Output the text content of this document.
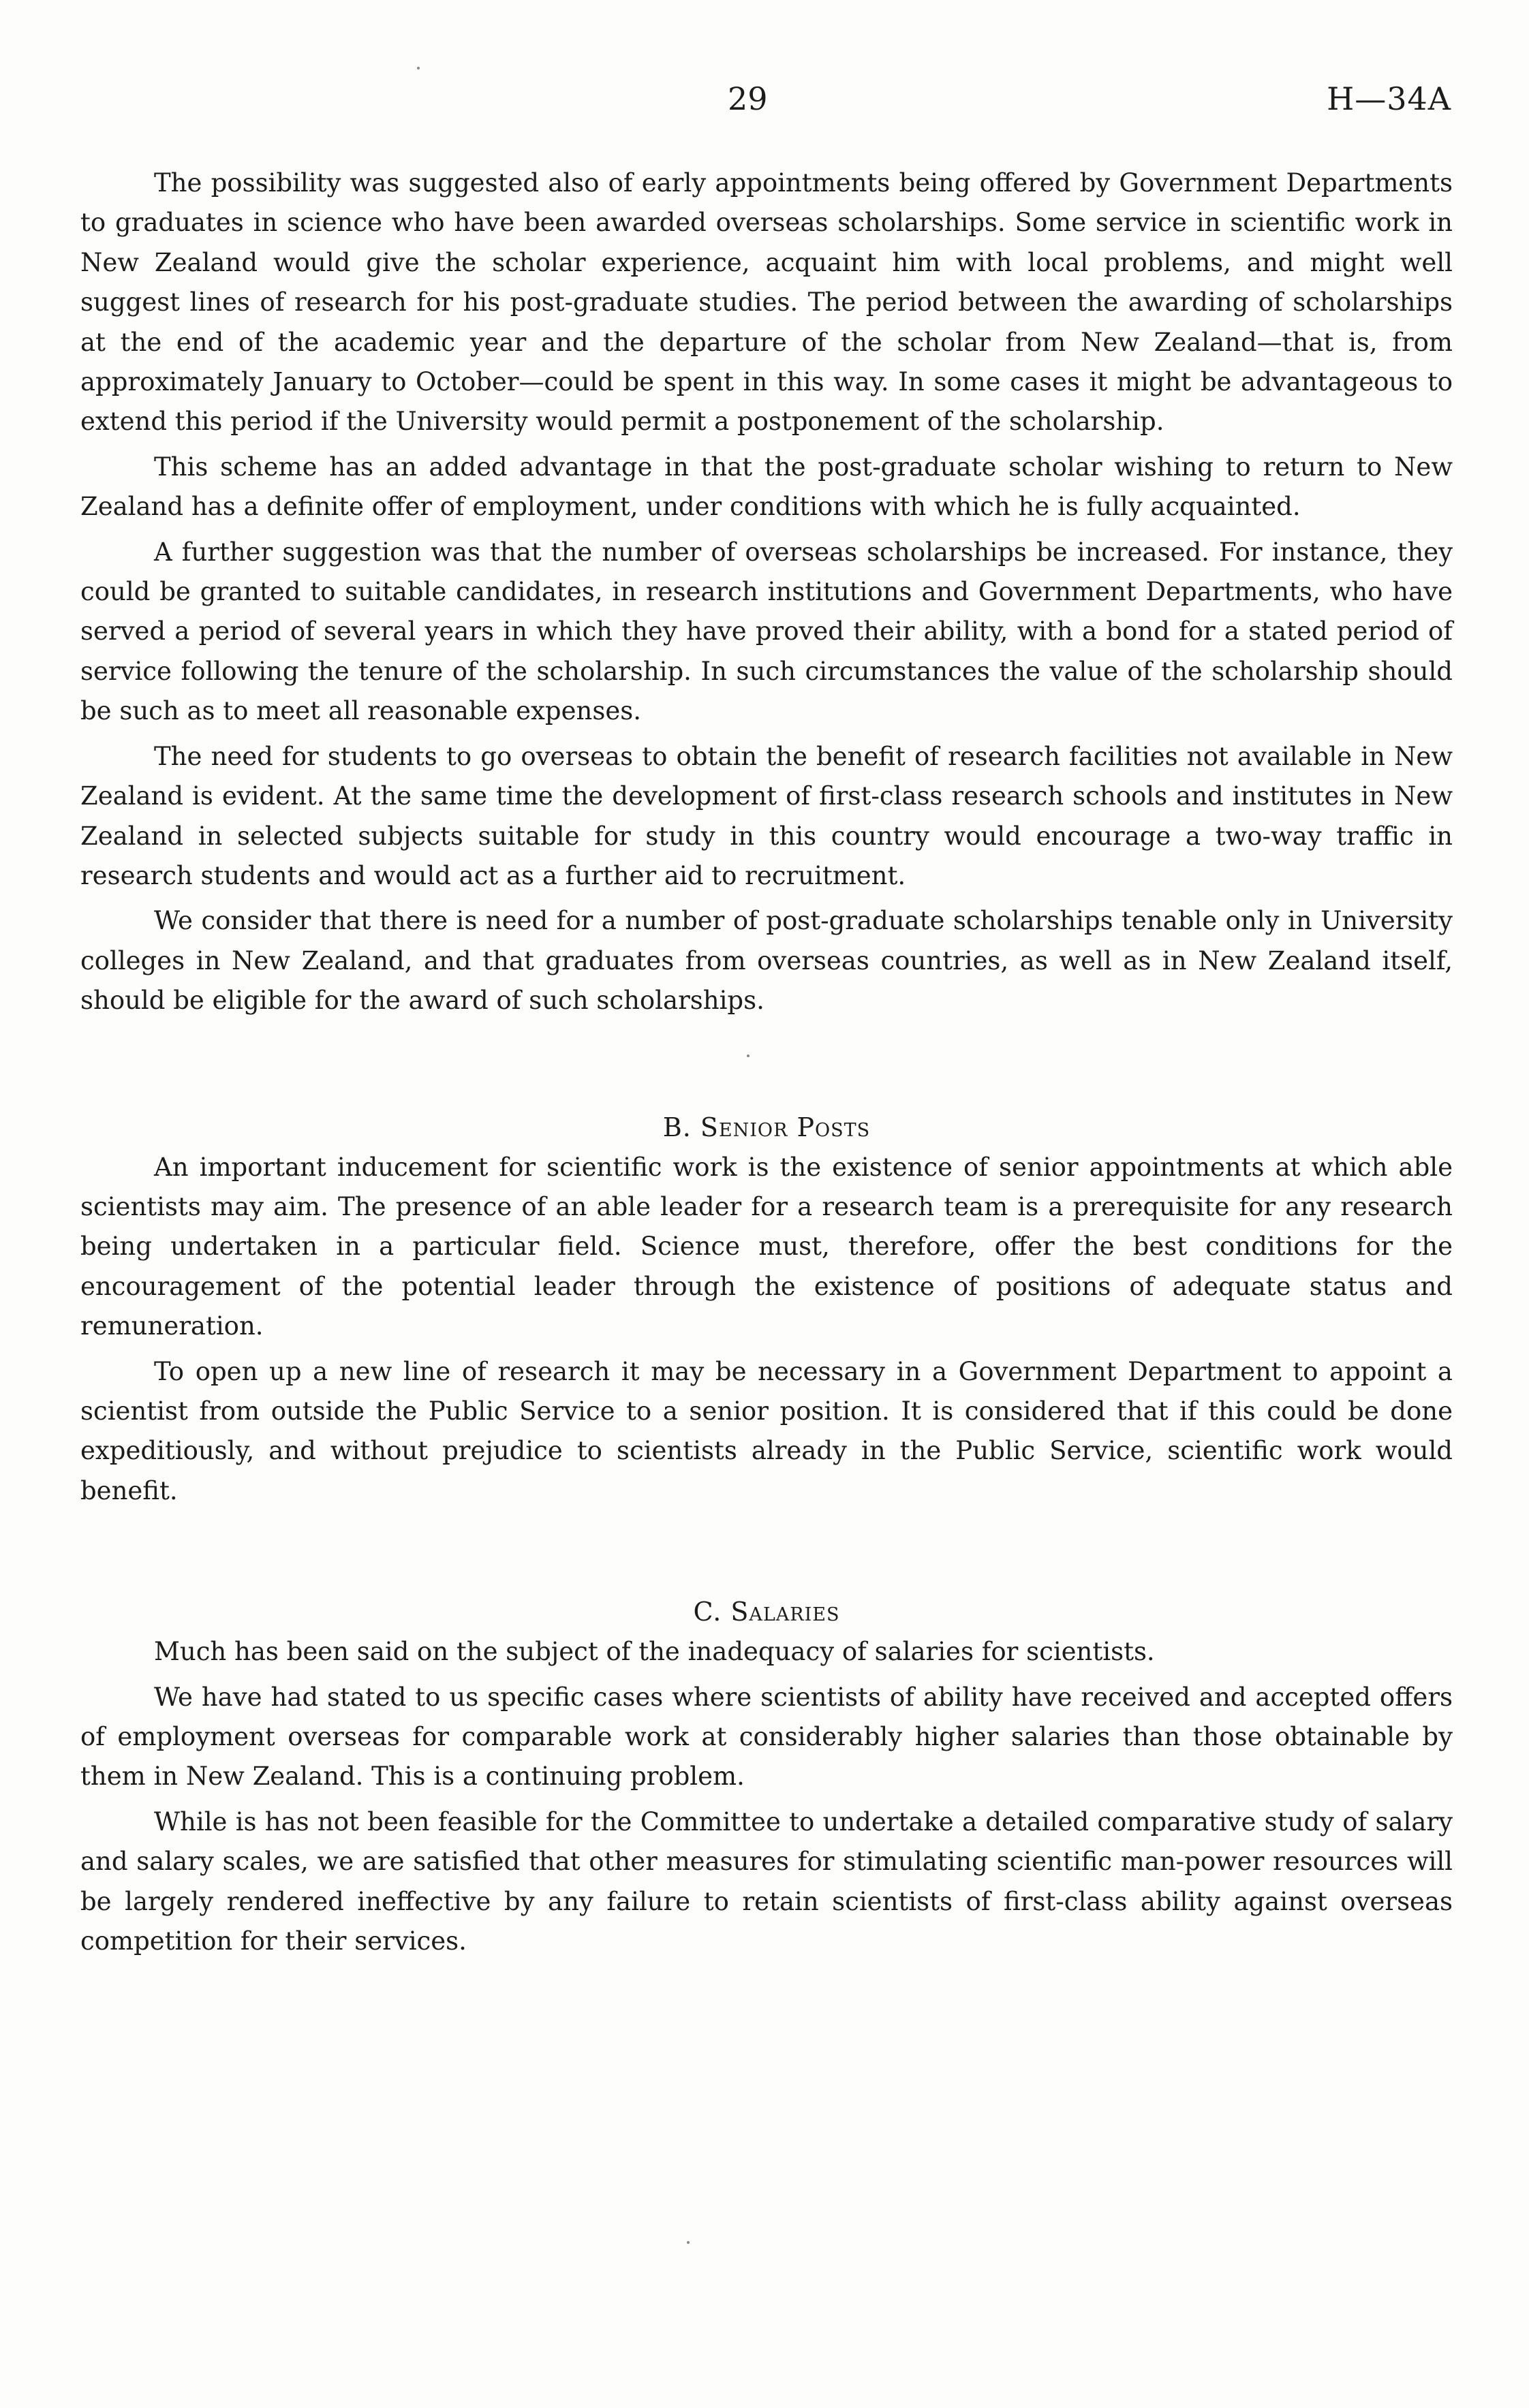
29	H—34A

The possibility was suggested also of early appointments being offered by Government Departments to graduates in science who have been awarded overseas scholarships. Some service in scientific work in New Zealand would give the scholar experience, acquaint him with local problems, and might well suggest lines of research for his post-graduate studies. The period between the awarding of scholarships at the end of the academic year and the departure of the scholar from New Zealand—that is, from approximately January to October—could be spent in this way. In some cases it might be advantageous to extend this period if the University would permit a postponement of the scholarship.

This scheme has an added advantage in that the post-graduate scholar wishing to return to New Zealand has a definite offer of employment, under conditions with which he is fully acquainted.

A further suggestion was that the number of overseas scholarships be increased. For instance, they could be granted to suitable candidates, in research institutions and Government Departments, who have served a period of several years in which they have proved their ability, with a bond for a stated period of service following the tenure of the scholarship. In such circumstances the value of the scholarship should be such as to meet all reasonable expenses.

The need for students to go overseas to obtain the benefit of research facilities not available in New Zealand is evident. At the same time the development of first-class research schools and institutes in New Zealand in selected subjects suitable for study in this country would encourage a two-way traffic in research students and would act as a further aid to recruitment.

We consider that there is need for a number of post-graduate scholarships tenable only in University colleges in New Zealand, and that graduates from overseas countries, as well as in New Zealand itself, should be eligible for the award of such scholarships.

B. Senior Posts

An important inducement for scientific work is the existence of senior appointments at which able scientists may aim. The presence of an able leader for a research team is a prerequisite for any research being undertaken in a particular field. Science must, therefore, offer the best conditions for the encouragement of the potential leader through the existence of positions of adequate status and remuneration.

To open up a new line of research it may be necessary in a Government Department to appoint a scientist from outside the Public Service to a senior position. It is considered that if this could be done expeditiously, and without prejudice to scientists already in the Public Service, scientific work would benefit.

C. Salaries

Much has been said on the subject of the inadequacy of salaries for scientists.

We have had stated to us specific cases where scientists of ability have received and accepted offers of employment overseas for comparable work at considerably higher salaries than those obtainable by them in New Zealand. This is a continuing problem.

While is has not been feasible for the Committee to undertake a detailed comparative study of salary and salary scales, we are satisfied that other measures for stimulating scientific man-power resources will be largely rendered ineffective by any failure to retain scientists of first-class ability against overseas competition for their services.
